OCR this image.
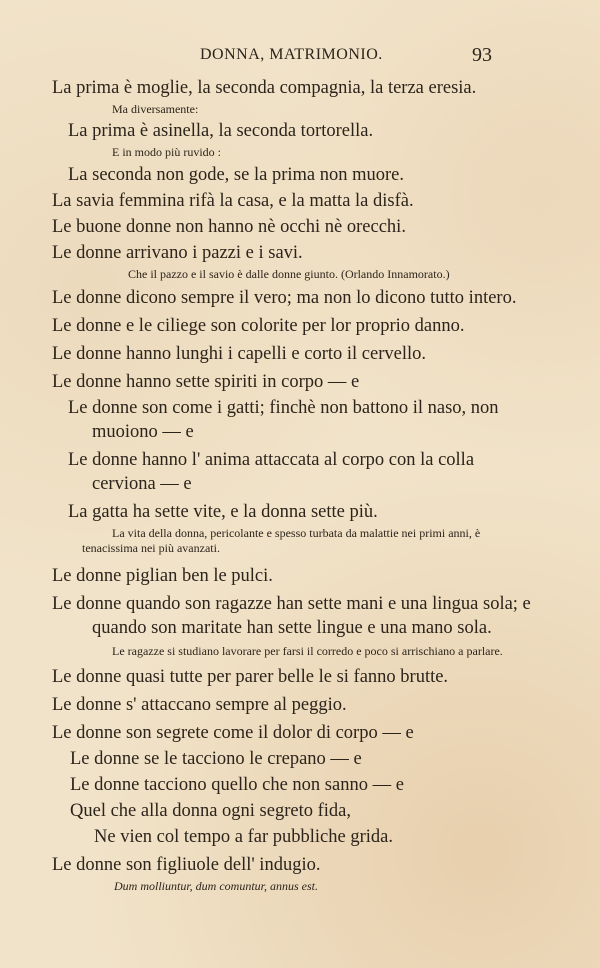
DONNA, MATRIMONIO.	93
La prima è moglie, la seconda compagnia, la terza eresia.
Ma diversamente:
La prima è asinella, la seconda tortorella.
E in modo più ruvido :
La seconda non gode, se la prima non muore.
La savia femmina rifà la casa, e la matta la disfà.
Le buone donne non hanno nè occhi nè orecchi.
Le donne arrivano i pazzi e i savi.
Che il pazzo e il savio è dalle donne giunto. (Orlando Innamorato.)
Le donne dicono sempre il vero; ma non lo dicono tutto intero.
Le donne e le ciliege son colorite per lor proprio danno.
Le donne hanno lunghi i capelli e corto il cervello.
Le donne hanno sette spiriti in corpo — e
Le donne son come i gatti; finchè non battono il naso, non muoiono — e
Le donne hanno l' anima attaccata al corpo con la colla cerviona — e
La gatta ha sette vite, e la donna sette più.
La vita della donna, pericolante e spesso turbata da malattie nei primi anni, è tenacissima nei più avanzati.
Le donne piglian ben le pulci.
Le donne quando son ragazze han sette mani e una lingua sola; e quando son maritate han sette lingue e una mano sola.
Le ragazze si studiano lavorare per farsi il corredo e poco si arrischiano a parlare.
Le donne quasi tutte per parer belle le si fanno brutte.
Le donne s' attaccano sempre al peggio.
Le donne son segrete come il dolor di corpo — e
Le donne se le tacciono le crepano — e
Le donne tacciono quello che non sanno — e
Quel che alla donna ogni segreto fida,
Ne vien col tempo a far pubbliche grida.
Le donne son figliuole dell' indugio.
Dum molliuntur, dum comuntur, annus est.
